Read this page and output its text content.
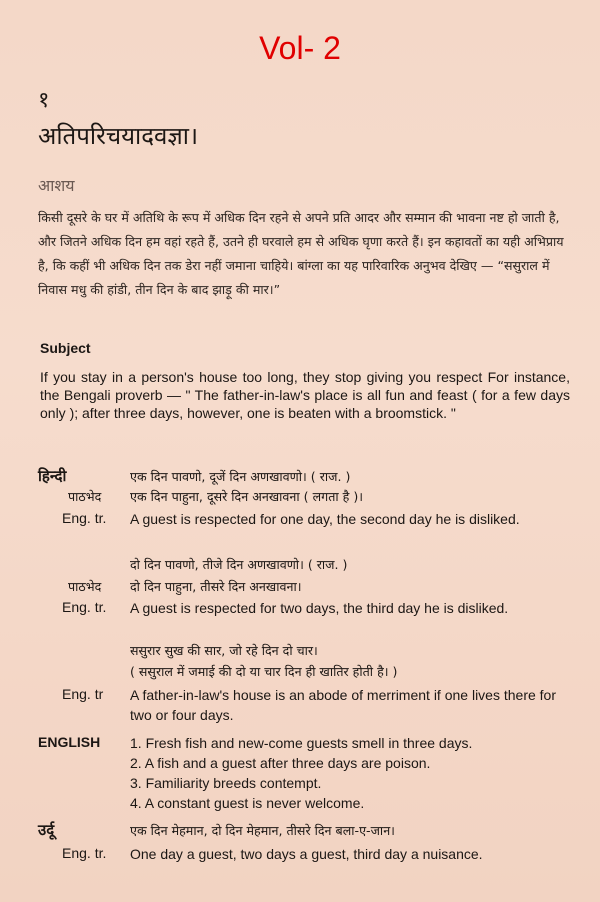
Vol- 2
१
अतिपरिचयादवज्ञा।
आशय
किसी दूसरे के घर में अतिथि के रूप में अधिक दिन रहने से अपने प्रति आदर और सम्मान की भावना नष्ट हो जाती है, और जितने अधिक दिन हम वहां रहते हैं, उतने ही घरवाले हम से अधिक घृणा करते हैं। इन कहावतों का यही अभिप्राय है, कि कहीं भी अधिक दिन तक डेरा नहीं जमाना चाहिये। बांग्ला का यह पारिवारिक अनुभव देखिए — “ससुराल में निवास मधु की हांडी, तीन दिन के बाद झाड़ू की मार।”
Subject
If you stay in a person's house too long, they stop giving you respect For instance, the Bengali proverb — " The father-in-law's place is all fun and feast ( for a few days only ); after three days, however, one is beaten with a broomstick. "
हिन्दी	एक दिन पावणो, दूजें दिन अणखावणो। ( राज. )
पाठभेद एक दिन पाहुना, दूसरे दिन अनखावना ( लगता है )।
Eng. tr. A guest is respected for one day, the second day he is disliked.
दो दिन पावणो, तीजे दिन अणखावणो। ( राज. )
पाठभेद दो दिन पाहुना, तीसरे दिन अनखावना।
Eng. tr. A guest is respected for two days, the third day he is disliked.
ससुरार सुख की सार, जो रहे दिन दो चार।
( ससुराल में जमाई की दो या चार दिन ही खातिर होती है। )
Eng. tr A father-in-law's house is an abode of merriment if one lives there for two or four days.
ENGLISH 1. Fresh fish and new-come guests smell in three days.
2. A fish and a guest after three days are poison.
3. Familiarity breeds contempt.
4. A constant guest is never welcome.
उर्दू	एक दिन मेहमान, दो दिन मेहमान, तीसरे दिन बला-ए-जान।
Eng. tr. One day a guest, two days a guest, third day a nuisance.
